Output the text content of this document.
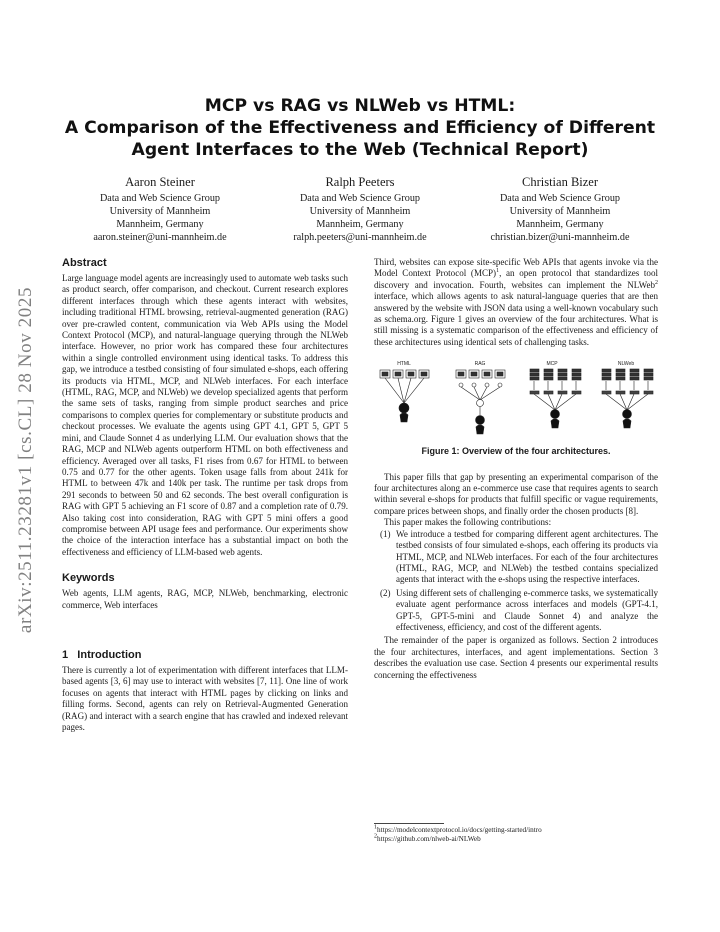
arXiv:2511.23281v1 [cs.CL] 28 Nov 2025
MCP vs RAG vs NLWeb vs HTML:
A Comparison of the Effectiveness and Efficiency of Different
Agent Interfaces to the Web (Technical Report)
Aaron Steiner
Data and Web Science Group
University of Mannheim
Mannheim, Germany
aaron.steiner@uni-mannheim.de
Ralph Peeters
Data and Web Science Group
University of Mannheim
Mannheim, Germany
ralph.peeters@uni-mannheim.de
Christian Bizer
Data and Web Science Group
University of Mannheim
Mannheim, Germany
christian.bizer@uni-mannheim.de
Abstract

Large language model agents are increasingly used to automate web tasks such as product search, offer comparison, and checkout. Current research explores different interfaces through which these agents interact with websites, including traditional HTML browsing, retrieval-augmented generation (RAG) over pre-crawled content, communication via Web APIs using the Model Context Protocol (MCP), and natural-language querying through the NLWeb interface. However, no prior work has compared these four architectures within a single controlled environment using identical tasks. To address this gap, we introduce a testbed consisting of four simulated e-shops, each offering its products via HTML, MCP, and NLWeb interfaces. For each interface (HTML, RAG, MCP, and NLWeb) we develop specialized agents that perform the same sets of tasks, ranging from simple product searches and price comparisons to complex queries for complementary or substitute products and checkout processes. We evaluate the agents using GPT 4.1, GPT 5, GPT 5 mini, and Claude Sonnet 4 as underlying LLM. Our evaluation shows that the RAG, MCP and NLWeb agents outperform HTML on both effectiveness and efficiency. Averaged over all tasks, F1 rises from 0.67 for HTML to between 0.75 and 0.77 for the other agents. Token usage falls from about 241k for HTML to between 47k and 140k per task. The runtime per task drops from 291 seconds to between 50 and 62 seconds. The best overall configuration is RAG with GPT 5 achieving an F1 score of 0.87 and a completion rate of 0.79. Also taking cost into consideration, RAG with GPT 5 mini offers a good compromise between API usage fees and performance. Our experiments show the choice of the interaction interface has a substantial impact on both the effectiveness and efficiency of LLM-based web agents.

Keywords

Web agents, LLM agents, RAG, MCP, NLWeb, benchmarking, electronic commerce, Web interfaces

1 Introduction

There is currently a lot of experimentation with different interfaces that LLM-based agents [3, 6] may use to interact with websites [7, 11]. One line of work focuses on agents that interact with HTML pages by clicking on links and filling forms. Second, agents can rely on Retrieval-Augmented Generation (RAG) and interact with a search engine that has crawled and indexed relevant pages.

Third, websites can expose site-specific Web APIs that agents invoke via the Model Context Protocol (MCP)$^1$, an open protocol that standardizes tool discovery and invocation. Fourth, websites can implement the NLWeb$^2$ interface, which allows agents to ask natural-language queries that are then answered by the website with JSON data using a well-known vocabulary such as schema.org. Figure 1 gives an overview of the four architectures. What is still missing is a systematic comparison of the effectiveness and efficiency of these architectures using identical sets of challenging tasks.

HTML	RAG	MCP	NLWeb
Figure 1: Overview of the four architectures.

This paper fills that gap by presenting an experimental comparison of the four architectures along an e-commerce use case that requires agents to search within several e-shops for products that fulfill specific or vague requirements, compare prices between shops, and finally order the chosen products [8].

This paper makes the following contributions:

(1) We introduce a testbed for comparing different agent architectures. The testbed consists of four simulated e-shops, each offering its products via HTML, MCP, and NLWeb interfaces. For each of the four architectures (HTML, RAG, MCP, and NLWeb) the testbed contains specialized agents that interact with the e-shops using the respective interfaces.
(2) Using different sets of challenging e-commerce tasks, we systematically evaluate agent performance across interfaces and models (GPT-4.1, GPT-5, GPT-5-mini and Claude Sonnet 4) and analyze the effectiveness, efficiency, and cost of the different agents.

The remainder of the paper is organized as follows. Section 2 introduces the four architectures, interfaces, and agent implementations. Section 3 describes the evaluation use case. Section 4 presents our experimental results concerning the effectiveness

$^1$https://modelcontextprotocol.io/docs/getting-started/intro
$^2$https://github.com/nlweb-ai/NLWeb
